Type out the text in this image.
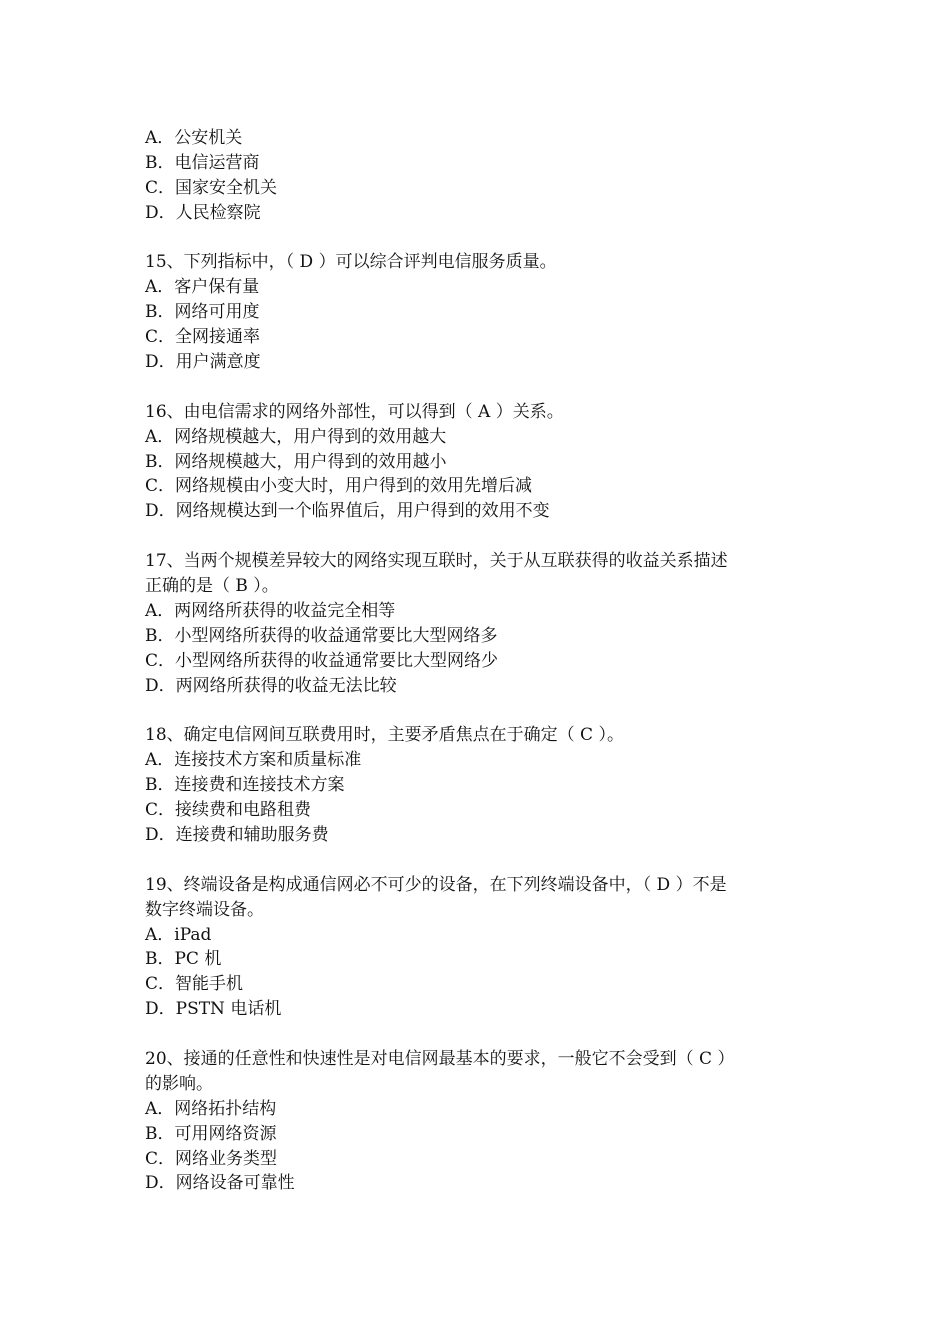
A．公安机关
B．电信运营商
C．国家安全机关
D．人民检察院
15、下列指标中，（ D ）可以综合评判电信服务质量。
A．客户保有量
B．网络可用度
C．全网接通率
D．用户满意度
16、由电信需求的网络外部性，可以得到（ A ）关系。
A．网络规模越大，用户得到的效用越大
B．网络规模越大，用户得到的效用越小
C．网络规模由小变大时，用户得到的效用先增后减
D．网络规模达到一个临界值后，用户得到的效用不变
17、当两个规模差异较大的网络实现互联时，关于从互联获得的收益关系描述
正确的是（ B ）。
A．两网络所获得的收益完全相等
B．小型网络所获得的收益通常要比大型网络多
C．小型网络所获得的收益通常要比大型网络少
D．两网络所获得的收益无法比较
18、确定电信网间互联费用时，主要矛盾焦点在于确定（ C ）。
A．连接技术方案和质量标准
B．连接费和连接技术方案
C．接续费和电路租费
D．连接费和辅助服务费
19、终端设备是构成通信网必不可少的设备，在下列终端设备中，（ D ）不是
数字终端设备。
A．iPad
B．PC 机
C．智能手机
D．PSTN 电话机
20、接通的任意性和快速性是对电信网最基本的要求，一般它不会受到（ C ）
的影响。
A．网络拓扑结构
B．可用网络资源
C．网络业务类型
D．网络设备可靠性
